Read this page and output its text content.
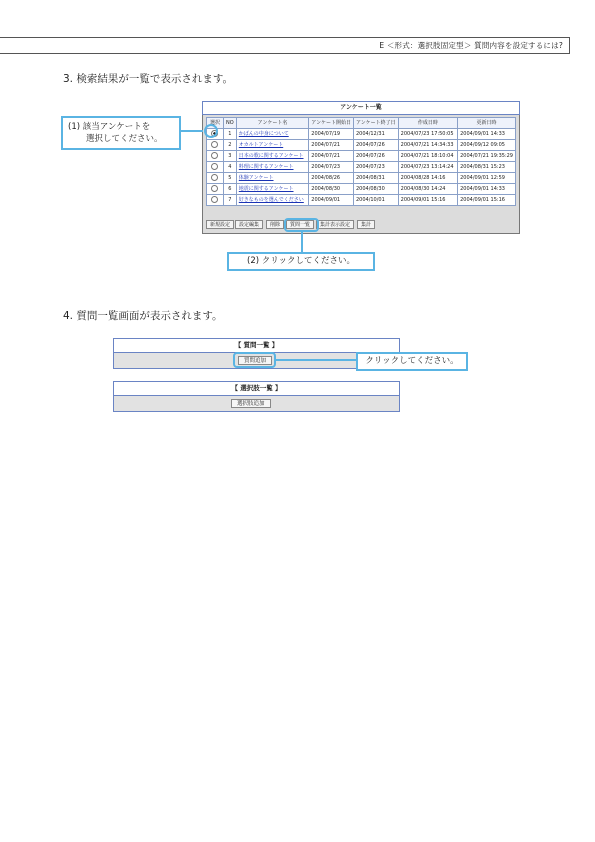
E ＜形式：選択肢固定型＞ 質問内容を設定するには?
3. 検索結果が一覧で表示されます。
アンケート一覧
選択	NO	アンケート名	アンケート開始日	アンケート終了日	作成日時	更新日時
	1	かばんの中身について	2004/07/19	2004/12/31	2004/07/23 17:50:05	2004/09/01 14:33
	2	オカルトアンケート	2004/07/21	2004/07/26	2004/07/21 14:34:33	2004/09/12 09:05
	3	日本の歌に関するアンケート	2004/07/21	2004/07/26	2004/07/21 18:10:04	2004/07/21 19:35:29
	4	料理に関するアンケート	2004/07/23	2004/07/23	2004/07/23 13:14:24	2004/08/31 15:23
	5	体験アンケート	2004/08/26	2004/08/31	2004/08/28 14:16	2004/09/01 12:59
	6	地震に関するアンケート	2004/08/30	2004/08/30	2004/08/30 14:24	2004/09/01 14:33
	7	好きなものを選んでください	2004/09/01	2004/10/01	2004/09/01 15:16	2004/09/01 15:16
新規設定	設定編集	削除	質問一覧	集計表示設定	集計
(1) 該当アンケートを
選択してください。
(2) クリックしてください。
4. 質問一覧画面が表示されます。
【 質問一覧 】
質問追加	クリックしてください。
【 選択肢一覧 】
選択肢追加
